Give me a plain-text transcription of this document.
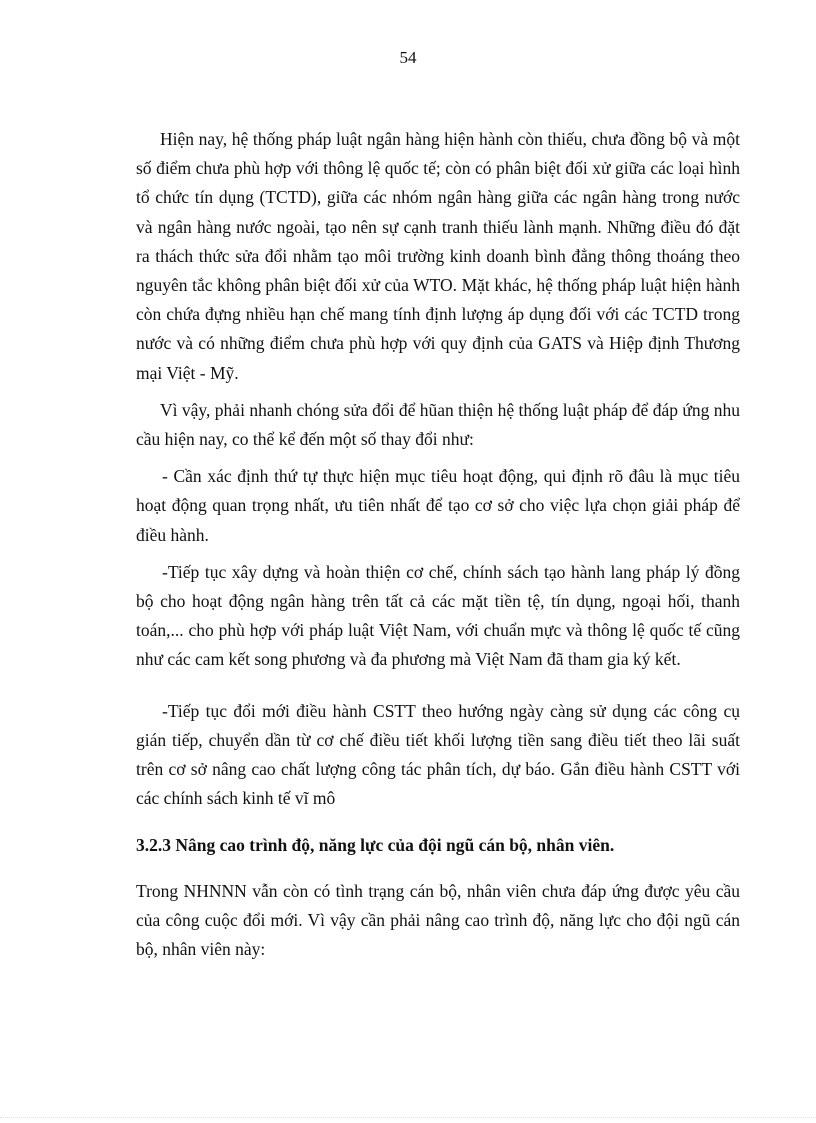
54

Hiện nay, hệ thống pháp luật ngân hàng hiện hành còn thiếu, chưa đồng bộ và một số điểm chưa phù hợp với thông lệ quốc tế; còn có phân biệt đối xử giữa các loại hình tổ chức tín dụng (TCTD), giữa các nhóm ngân hàng giữa các ngân hàng trong nước và ngân hàng nước ngoài, tạo nên sự cạnh tranh thiếu lành mạnh. Những điều đó đặt ra thách thức sửa đổi nhằm tạo môi trường kinh doanh bình đẳng thông thoáng theo nguyên tắc không phân biệt đối xử của WTO. Mặt khác, hệ thống pháp luật hiện hành còn chứa đựng nhiều hạn chế mang tính định lượng áp dụng đối với các TCTD trong nước và có những điểm chưa phù hợp với quy định của GATS và Hiệp định Thương mại Việt - Mỹ.

Vì vậy, phải nhanh chóng sửa đổi để hũan thiện hệ thống luật pháp để đáp ứng nhu cầu hiện nay, co thể kể đến một số thay đổi như:

- Cần xác định thứ tự thực hiện mục tiêu hoạt động, qui định rõ đâu là mục tiêu hoạt động quan trọng nhất, ưu tiên nhất để tạo cơ sở cho việc lựa chọn giải pháp để điều hành.

-Tiếp tục xây dựng và hoàn thiện cơ chế, chính sách tạo hành lang pháp lý đồng bộ cho hoạt động ngân hàng trên tất cả các mặt tiền tệ, tín dụng, ngoại hối, thanh toán,... cho phù hợp với pháp luật Việt Nam, với chuẩn mực và thông lệ quốc tế cũng như các cam kết song phương và đa phương mà Việt Nam đã tham gia ký kết.

-Tiếp tục đổi mới điều hành CSTT theo hướng ngày càng sử dụng các công cụ gián tiếp, chuyển dần từ cơ chế điều tiết khối lượng tiền sang điều tiết theo lãi suất trên cơ sở nâng cao chất lượng công tác phân tích, dự báo. Gắn điều hành CSTT với các chính sách kinh tế vĩ mô

3.2.3 Nâng cao trình độ, năng lực của đội ngũ cán bộ, nhân viên.

Trong NHNNN vẫn còn có tình trạng cán bộ, nhân viên chưa đáp ứng được yêu cầu của công cuộc đổi mới. Vì vậy cần phải nâng cao trình độ, năng lực cho đội ngũ cán bộ, nhân viên này:
